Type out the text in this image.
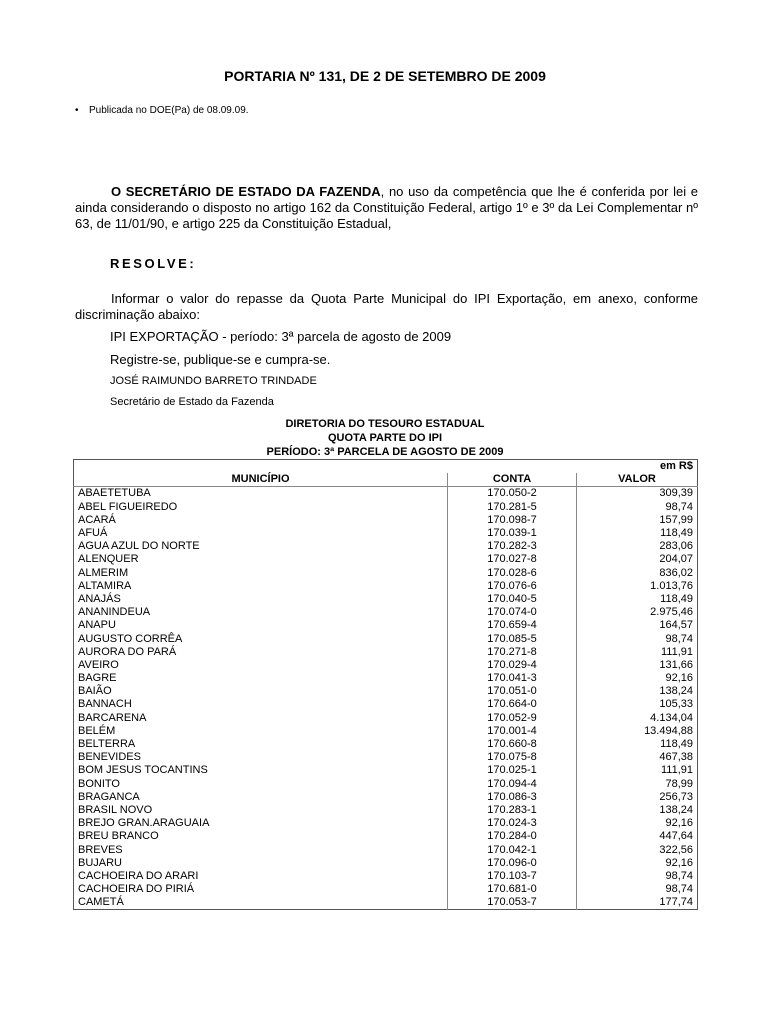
PORTARIA Nº 131, DE 2 DE SETEMBRO DE 2009
• Publicada no DOE(Pa) de 08.09.09.
O SECRETÁRIO DE ESTADO DA FAZENDA, no uso da competência que lhe é conferida por lei e ainda considerando o disposto no artigo 162 da Constituição Federal, artigo 1º e 3º da Lei Complementar nº 63, de 11/01/90, e artigo 225 da Constituição Estadual,
RESOLVE:
Informar o valor do repasse da Quota Parte Municipal do IPI Exportação, em anexo, conforme discriminação abaixo:
IPI EXPORTAÇÃO - período: 3ª parcela de agosto de 2009
Registre-se, publique-se e cumpra-se.
JOSÉ RAIMUNDO BARRETO TRINDADE
Secretário de Estado da Fazenda
DIRETORIA DO TESOURO ESTADUAL
QUOTA PARTE DO IPI
PERÍODO: 3ª PARCELA DE AGOSTO DE 2009
		em R$
MUNICÍPIO	CONTA	VALOR
ABAETETUBA	170.050-2	309,39
ABEL FIGUEIREDO	170.281-5	98,74
ACARÁ	170.098-7	157,99
AFUÁ	170.039-1	118,49
AGUA AZUL DO NORTE	170.282-3	283,06
ALENQUER	170.027-8	204,07
ALMERIM	170.028-6	836,02
ALTAMIRA	170.076-6	1.013,76
ANAJÁS	170.040-5	118,49
ANANINDEUA	170.074-0	2.975,46
ANAPU	170.659-4	164,57
AUGUSTO CORRÊA	170.085-5	98,74
AURORA DO PARÁ	170.271-8	111,91
AVEIRO	170.029-4	131,66
BAGRE	170.041-3	92,16
BAIÃO	170.051-0	138,24
BANNACH	170.664-0	105,33
BARCARENA	170.052-9	4.134,04
BELÉM	170.001-4	13.494,88
BELTERRA	170.660-8	118,49
BENEVIDES	170.075-8	467,38
BOM JESUS TOCANTINS	170.025-1	111,91
BONITO	170.094-4	78,99
BRAGANCA	170.086-3	256,73
BRASIL NOVO	170.283-1	138,24
BREJO GRAN.ARAGUAIA	170.024-3	92,16
BREU BRANCO	170.284-0	447,64
BREVES	170.042-1	322,56
BUJARU	170.096-0	92,16
CACHOEIRA DO ARARI	170.103-7	98,74
CACHOEIRA DO PIRIÁ	170.681-0	98,74
CAMETÁ	170.053-7	177,74
